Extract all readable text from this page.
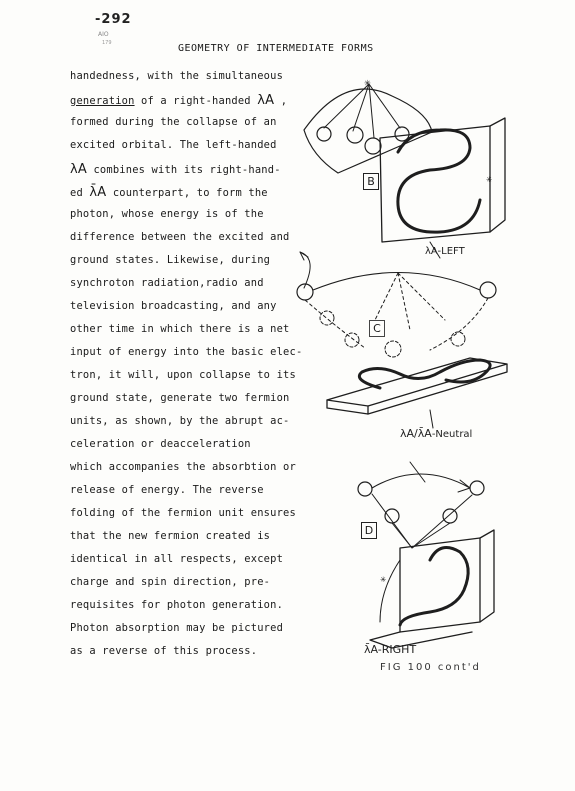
-292
AIO
179	GEOMETRY OF INTERMEDIATE FORMS
handedness, with the simultaneous
generation of a right-handed λA ,
formed during the collapse of an
excited orbital. The left-handed
λA combines with its right-hand-
ed λ̄A counterpart, to form the
photon, whose energy is of the
difference between the excited and
ground states. Likewise, during
synchroton radiation,radio and
television broadcasting, and any
other time in which there is a net
input of energy into the basic elec-
tron, it will, upon collapse to its
ground state, generate two fermion
units, as shown, by the abrupt ac-
celeration or deacceleration
which accompanies the absorbtion or
release of energy. The reverse
folding of the fermion unit ensures
that the new fermion created is
identical in all respects, except
charge and spin direction, pre-
requisites for photon generation.
Photon absorption may be pictured
as a reverse of this process.
✳
✳
✳
B
C
D
λA-LEFT
λA/λ̄A-Neutral
λ̄A-RIGHT
FIG 100 cont'd
